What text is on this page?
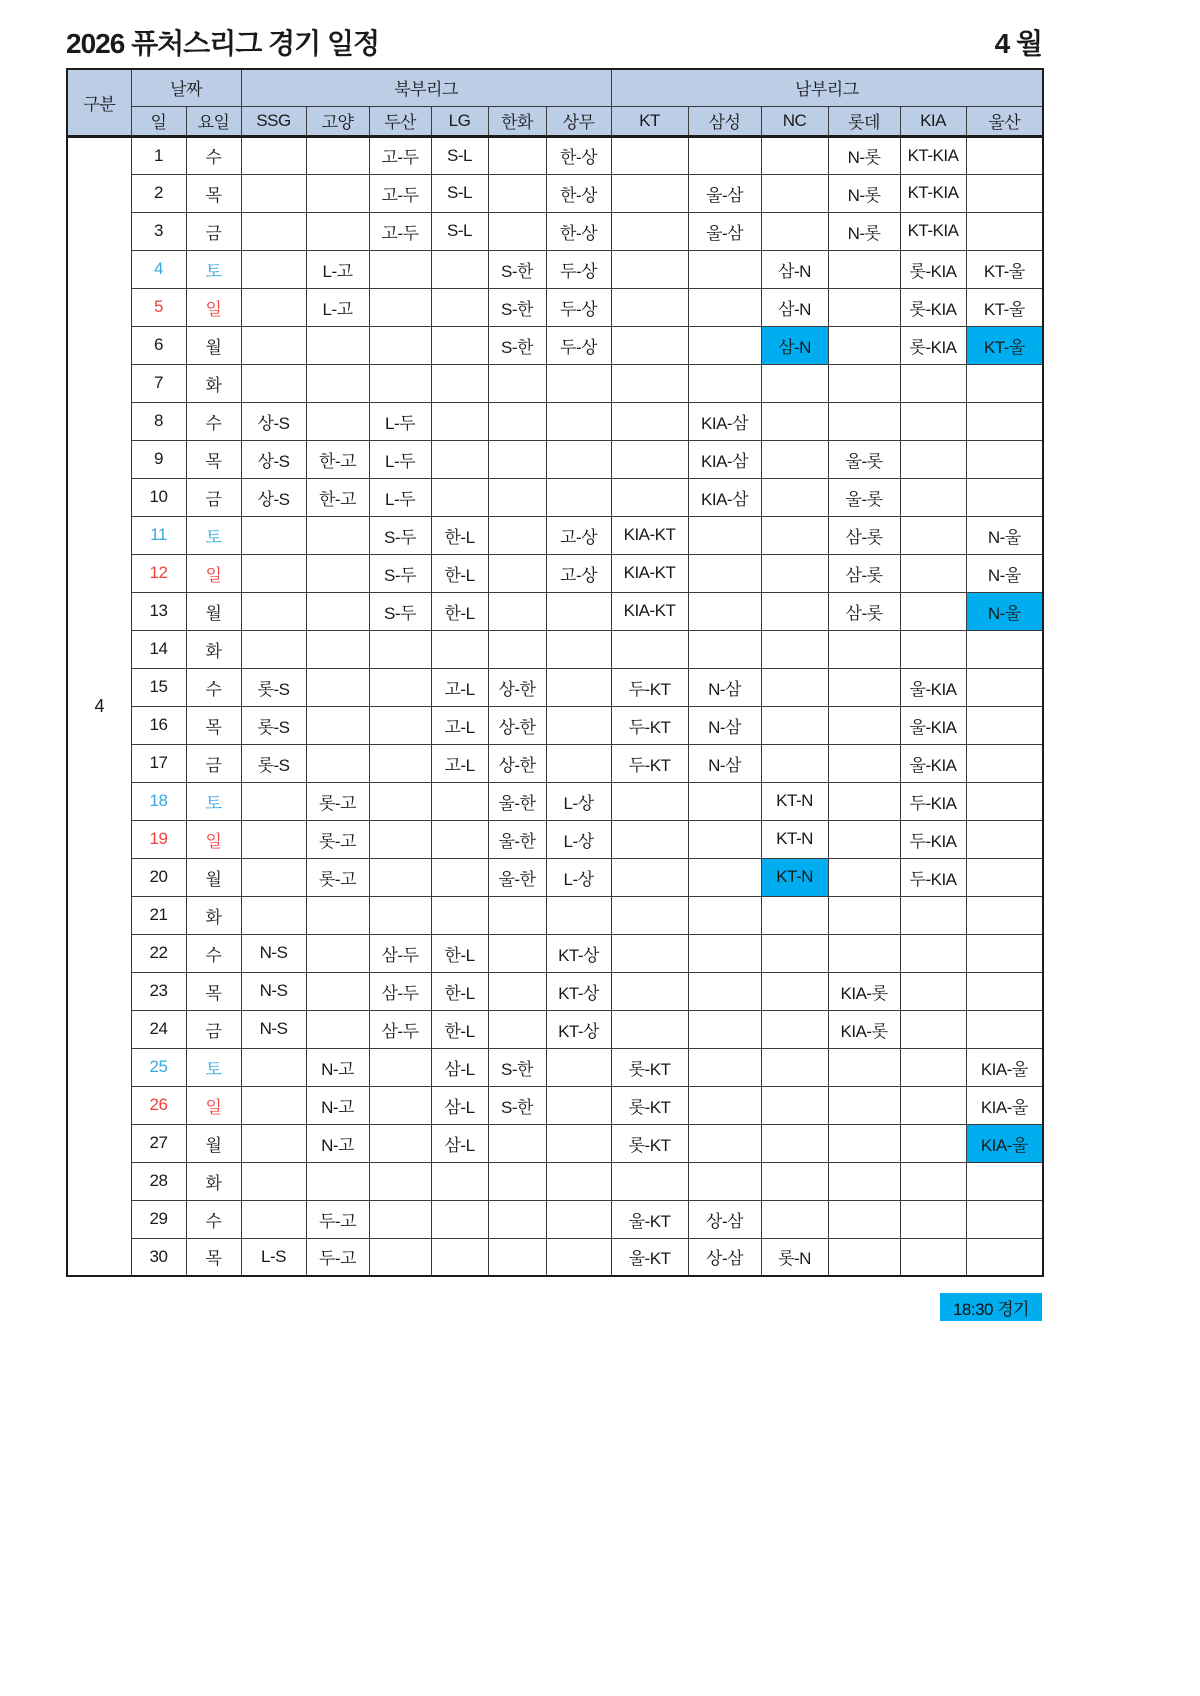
2026 퓨처스리그 경기 일정	4 월
구분	날짜		북부리그						남부리그					
	일	요일	SSG	고양	두산	LG	한화	상무	KT	삼성	NC	롯데	KIA	울산
4	1	수			고-두	S-L		한-상				N-롯	KT-KIA	
	2	목			고-두	S-L		한-상		울-삼		N-롯	KT-KIA	
	3	금			고-두	S-L		한-상		울-삼		N-롯	KT-KIA	
	4	토		L-고			S-한	두-상			삼-N		롯-KIA	KT-울
	5	일		L-고			S-한	두-상			삼-N		롯-KIA	KT-울
	6	월					S-한	두-상			삼-N		롯-KIA	KT-울
	7	화												
	8	수	상-S		L-두					KIA-삼				
	9	목	상-S	한-고	L-두					KIA-삼		울-롯		
	10	금	상-S	한-고	L-두					KIA-삼		울-롯		
	11	토			S-두	한-L		고-상	KIA-KT			삼-롯		N-울
	12	일			S-두	한-L		고-상	KIA-KT			삼-롯		N-울
	13	월			S-두	한-L			KIA-KT			삼-롯		N-울
	14	화												
	15	수	롯-S			고-L	상-한		두-KT	N-삼			울-KIA	
	16	목	롯-S			고-L	상-한		두-KT	N-삼			울-KIA	
	17	금	롯-S			고-L	상-한		두-KT	N-삼			울-KIA	
	18	토		롯-고			울-한	L-상			KT-N		두-KIA	
	19	일		롯-고			울-한	L-상			KT-N		두-KIA	
	20	월		롯-고			울-한	L-상			KT-N		두-KIA	
	21	화												
	22	수	N-S		삼-두	한-L		KT-상						
	23	목	N-S		삼-두	한-L		KT-상				KIA-롯		
	24	금	N-S		삼-두	한-L		KT-상				KIA-롯		
	25	토		N-고		삼-L	S-한		롯-KT					KIA-울
	26	일		N-고		삼-L	S-한		롯-KT					KIA-울
	27	월		N-고		삼-L			롯-KT					KIA-울
	28	화												
	29	수		두-고					울-KT	상-삼				
	30	목	L-S	두-고					울-KT	상-삼	롯-N			
18:30 경기
